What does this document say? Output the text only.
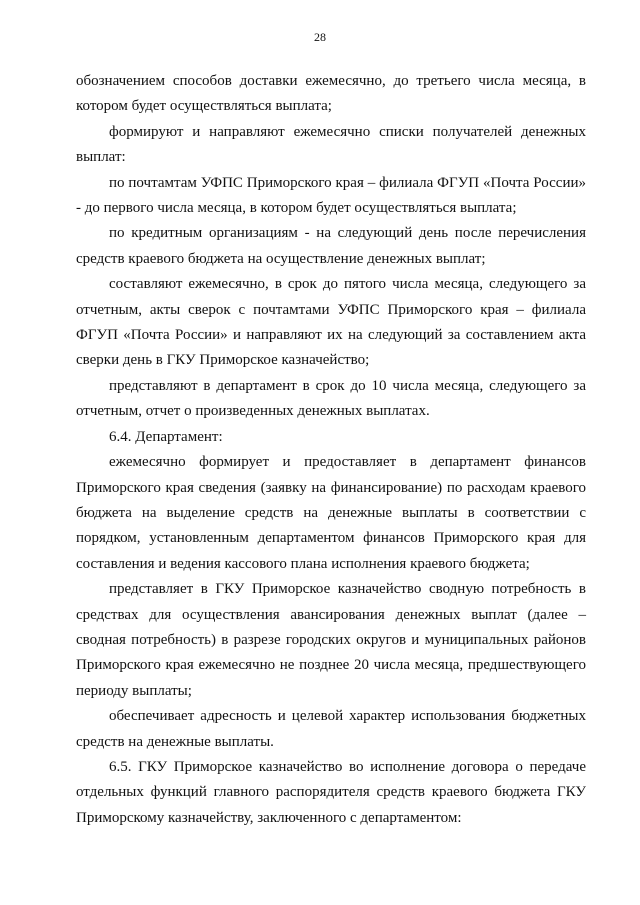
28

обозначением способов доставки ежемесячно, до третьего числа месяца, в котором будет осуществляться выплата;

формируют и направляют ежемесячно списки получателей денежных выплат:

по почтамтам УФПС Приморского края – филиала ФГУП «Почта России» - до первого числа месяца, в котором будет осуществляться выплата;

по кредитным организациям - на следующий день после перечисления средств краевого бюджета на осуществление денежных выплат;

составляют ежемесячно, в срок до пятого числа месяца, следующего за отчетным, акты сверок с почтамтами УФПС Приморского края – филиала ФГУП «Почта России» и направляют их на следующий за составлением акта сверки день в ГКУ Приморское казначейство;

представляют в департамент в срок до 10 числа месяца, следующего за отчетным, отчет о произведенных денежных выплатах.

6.4. Департамент:

ежемесячно формирует и предоставляет в департамент финансов Приморского края сведения (заявку на финансирование) по расходам краевого бюджета на выделение средств на денежные выплаты в соответствии с порядком, установленным департаментом финансов Приморского края для составления и ведения кассового плана исполнения краевого бюджета;

представляет в ГКУ Приморское казначейство сводную потребность в средствах для осуществления авансирования денежных выплат (далее – сводная потребность) в разрезе городских округов и муниципальных районов Приморского края ежемесячно не позднее 20 числа месяца, предшествующего периоду выплаты;

обеспечивает адресность и целевой характер использования бюджетных средств на денежные выплаты.

6.5. ГКУ Приморское казначейство во исполнение договора о передаче отдельных функций главного распорядителя средств краевого бюджета ГКУ Приморскому казначейству, заключенного с департаментом:
